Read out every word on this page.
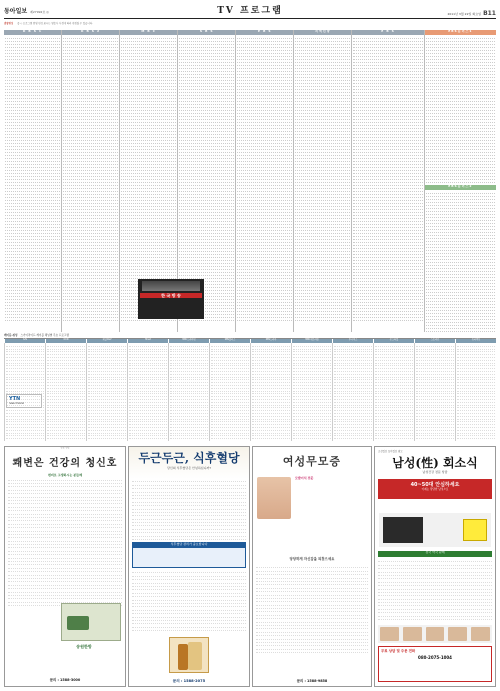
동아일보 제27992호 ◎	TV 프로그램	2011년 3월 22일 화요일 B11
결방편성 중 ◇ 프로그램 방영 편성 표시는 방송사 사정에 따라 변경될 수 있습니다.
K B S 1	K B S 2	M B C	S B S	E B S	지역민방	E B S	EBS플러스1
EBS플러스2
한 국 방 송
케이블·위성 스카이라이프·케이블 채널별 주요 프로그램
tvN	OCN	채널CGV	Mnet	MBC드라마넷	SBS플러스	KBS드라마	MBC에브리원	투니버스	온스타일	스토리온	슈퍼액션
YTN
news channel
한방 전문
쾌변은 건강의 청신호
변비로 고생하시는 분들께
송원한방
문의 : 1588-3000
두근두근, 식후혈당
당신의 식후혈당은 안녕하십니까?
식후혈당 관리가 중요합니다
문의 : 1588-2075
여성무모증
모발이식 전문
당당하게 자신감을 되찾으세요
문의 : 1588-9858
조선일보 동아일보 광고
남성(性) 회소식
남성건강 전문 상담
40~50대 안심하세요
이제는 당당한 남성으로
전국 약국 판매
무료 상담 및 주문 전화
080-2075-1004
